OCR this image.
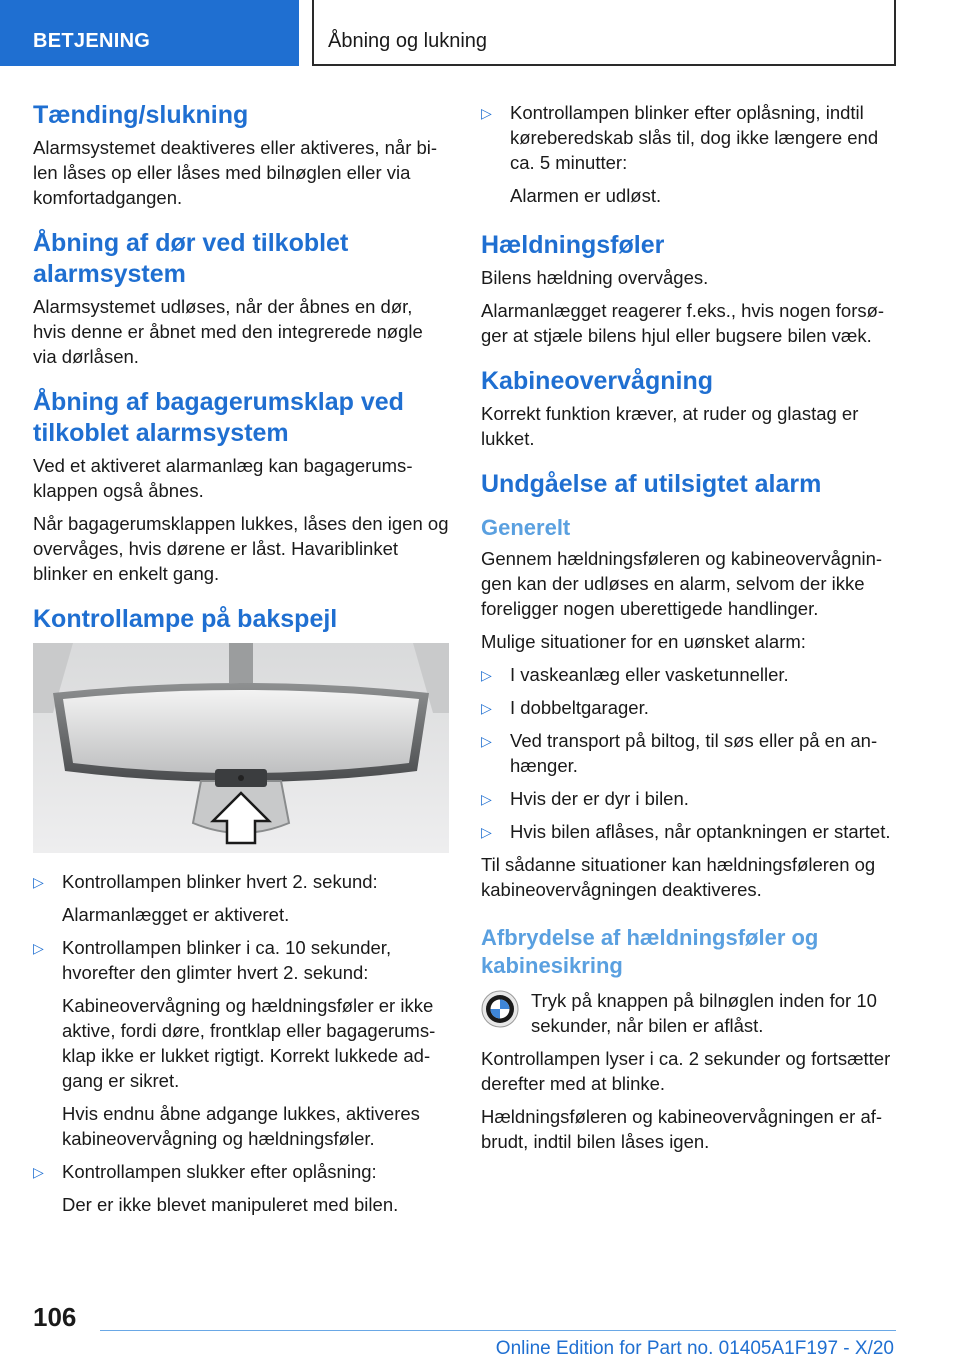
BETJENING	Åbning og lukning
Tænding/slukning

Alarmsystemet deaktiveres eller aktiveres, når bilen låses op eller låses med bilnøglen eller via komfortadgangen.

Åbning af dør ved tilkoblet alarmsystem

Alarmsystemet udløses, når der åbnes en dør, hvis denne er åbnet med den integrerede nøgle via dørlåsen.

Åbning af bagagerumsklap ved tilkoblet alarmsystem

Ved et aktiveret alarmanlæg kan bagagerumsklappen også åbnes.

Når bagagerumsklappen lukkes, låses den igen og overvåges, hvis dørene er låst. Havariblinket blinker en enkelt gang.

Kontrollampe på bakspejl
▷ Kontrollampen blinker hvert 2. sekund:
Alarmanlægget er aktiveret.
▷ Kontrollampen blinker i ca. 10 sekunder, hvorefter den glimter hvert 2. sekund:
Kabineovervågning og hældningsføler er ikke aktive, fordi døre, frontklap eller bagagerumsklap ikke er lukket rigtigt. Korrekt lukkede adgang er sikret.
Hvis endnu åbne adgange lukkes, aktiveres kabineovervågning og hældningsføler.
▷ Kontrollampen slukker efter oplåsning:
Der er ikke blevet manipuleret med bilen.
▷ Kontrollampen blinker efter oplåsning, indtil køreberedskab slås til, dog ikke længere end ca. 5 minutter:
Alarmen er udløst.
Hældningsføler

Bilens hældning overvåges.

Alarmanlægget reagerer f.eks., hvis nogen forsøger at stjæle bilens hjul eller bugsere bilen væk.

Kabineovervågning

Korrekt funktion kræver, at ruder og glastag er lukket.

Undgåelse af utilsigtet alarm
Generelt

Gennem hældningsføleren og kabineovervågningen kan der udløses en alarm, selvom der ikke foreligger nogen uberettigede handlinger.

Mulige situationer for en uønsket alarm:

▷ I vaskeanlæg eller vasketunneller.
▷ I dobbeltgarager.
▷ Ved transport på biltog, til søs eller på en anhænger.
▷ Hvis der er dyr i bilen.
▷ Hvis bilen aflåses, når optankningen er startet.

Til sådanne situationer kan hældningsføleren og kabineovervågningen deaktiveres.

Afbrydelse af hældningsføler og kabinesikring

Tryk på knappen på bilnøglen inden for 10 sekunder, når bilen er aflåst.

Kontrollampen lyser i ca. 2 sekunder og fortsætter derefter med at blinke.

Hældningsføleren og kabineovervågningen er afbrudt, indtil bilen låses igen.

106
Online Edition for Part no. 01405A1F197 - X/20
